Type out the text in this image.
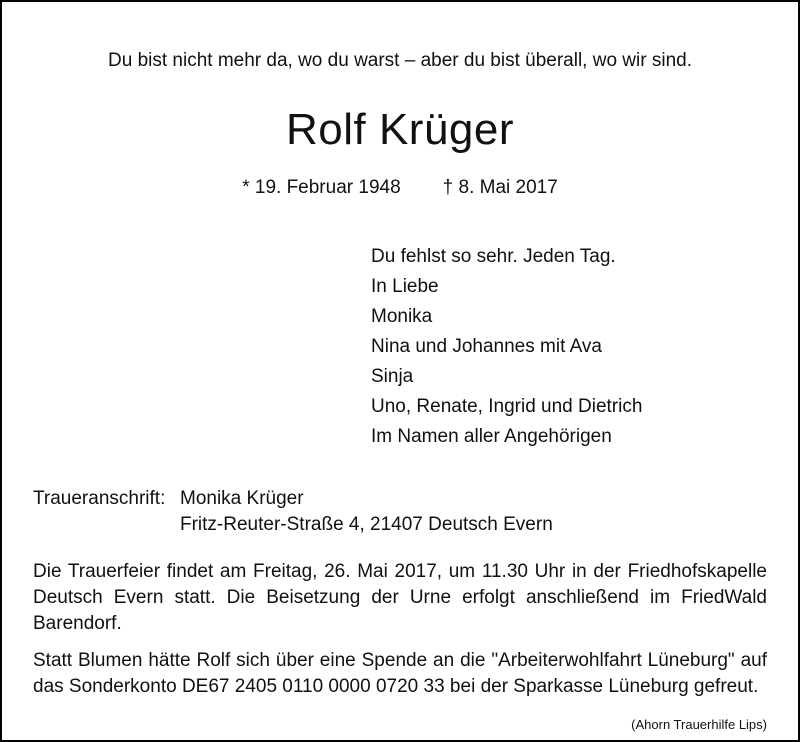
Du bist nicht mehr da, wo du warst – aber du bist überall, wo wir sind.
Rolf Krüger
* 19. Februar 1948 † 8. Mai 2017
Du fehlst so sehr. Jeden Tag.
In Liebe
Monika
Nina und Johannes mit Ava
Sinja
Uno, Renate, Ingrid und Dietrich
Im Namen aller Angehörigen
Traueranschrift: Monika Krüger
Fritz-Reuter-Straße 4, 21407 Deutsch Evern
Die Trauerfeier findet am Freitag, 26. Mai 2017, um 11.30 Uhr in der Friedhofskapelle Deutsch Evern statt. Die Beisetzung der Urne erfolgt anschließend im FriedWald Barendorf.
Statt Blumen hätte Rolf sich über eine Spende an die "Arbeiterwohlfahrt Lüneburg" auf das Sonderkonto DE67 2405 0110 0000 0720 33 bei der Sparkasse Lüneburg gefreut.
(Ahorn Trauerhilfe Lips)
